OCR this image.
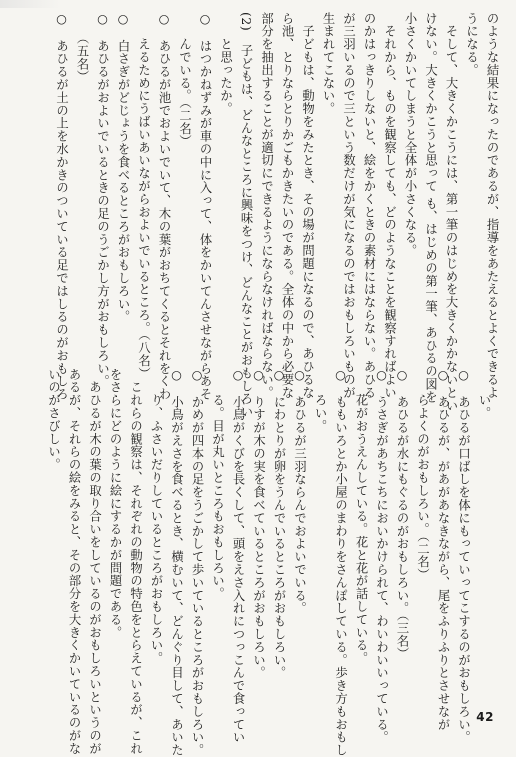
のような結果になったのであるが、指導をあたえるとよくできるよ
うになる。
　そして、大きくかこうには、第一筆のはじめを大きくかかないとい
けない。大きくかこうと思って も、はじめの第一筆、あひるの図を
小さくかいてしまうと全体が小さくなる。
　それから、ものを観察しても、どのようなことを観察すればよい
のかはっきりしないと、絵をかくときの素材にはならない。あひる
が三羽いるので三という数だけが気になるのではおもしろいものが
生まれてこない。
　子どもは、動物をみたとき、その場が問題になるので、あひるな
ら池、とりならとりかごもかきたいのである。全体の中から必要な
部分を抽出することが適切にできるようにならなければならない。
(2)　子どもは、どんなところに興味をつけ、どんなことがおもしろい
　　と思ったか。
○　はつかねずみが車の中に入って、体をかいてんさせながらあそ
　　んでいる。（二名）
○　あひるが池でおよいでいて、木の葉がおちてくるとそれをくわ
　　えるためにうばいあいながらおよいでいるところ。（八名）
○　白さぎがどじょうを食べるところがおもしろい。
○　あひるがおよいでいるときの足のうごかし方がおもしろい。
　　（五名）
○　あひるが土の上を水かきのついている足ではしるのがおもしろ	　　い。
○　あひるが口ばしを体にもっていってこするのがおもしろい。
○　あひるが、があがあなきながら、尾をふりふりとさせなが
　　らよくのがおもしろい。（二名）
○　あひるが水にもぐるのがおもしろい。（三名）
○　うさぎがあちこちにおいかけられて、わいわいいっている。
　　花がおうえんしている。花と花が話している。
○　ももいろとか小屋のまわりをさんぽしている。歩き方もおもし
　　ろい。
○　あひるが三羽ならんでおよいでいる。
○　にわとりが卵をうんでいるところがおもしろい。
○　りすが木の実を食べているところがおもしろい。
○　小鳥がくびを長くして、頭をえさ入れにつっこんで食ってい
　　る。目が丸いところもおもしろい。
○　かめが四本の足をうごかして歩いているところがおもしろい。
○　小鳥がえさを食べるとき、横むいて、どんぐり目して、あいた
　　り、ふさいだりしているところがおもしろい。
　これらの観察は、それぞれの動物の特色をとらえているが、これ
をさらにどのように絵にするかが問題である。
　あひるが木の葉の取り合いをしているのがおもしろいというのが
あるが、それらの絵をみると、その部分を大きくかいているのがな
いのがさびしい。
42
